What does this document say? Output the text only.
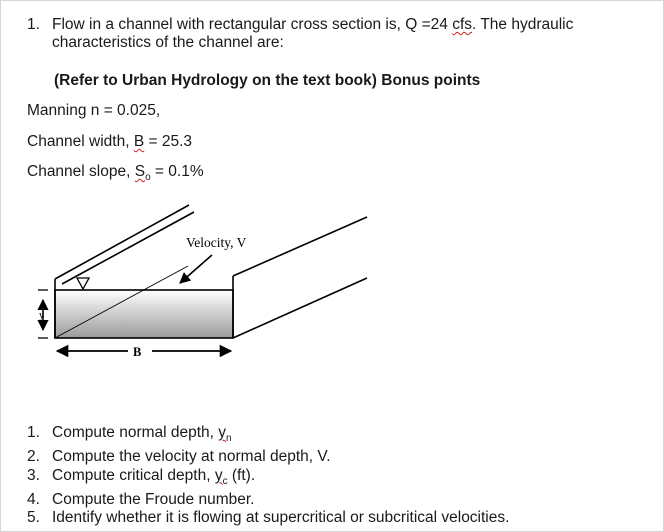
1. Flow in a channel with rectangular cross section is, Q =24 cfs. The hydraulic characteristics of the channel are:
(Refer to Urban Hydrology on the text book) Bonus points
Manning n = 0.025,
Channel width, B = 25.3
Channel slope, $S_o = 0.1\%$
Velocity, V
y
B
1. Compute normal depth, $y_n$
2. Compute the velocity at normal depth, V.
3. Compute critical depth, $y_c$ (ft).
4. Compute the Froude number.
5. Identify whether it is flowing at supercritical or subcritical velocities.
